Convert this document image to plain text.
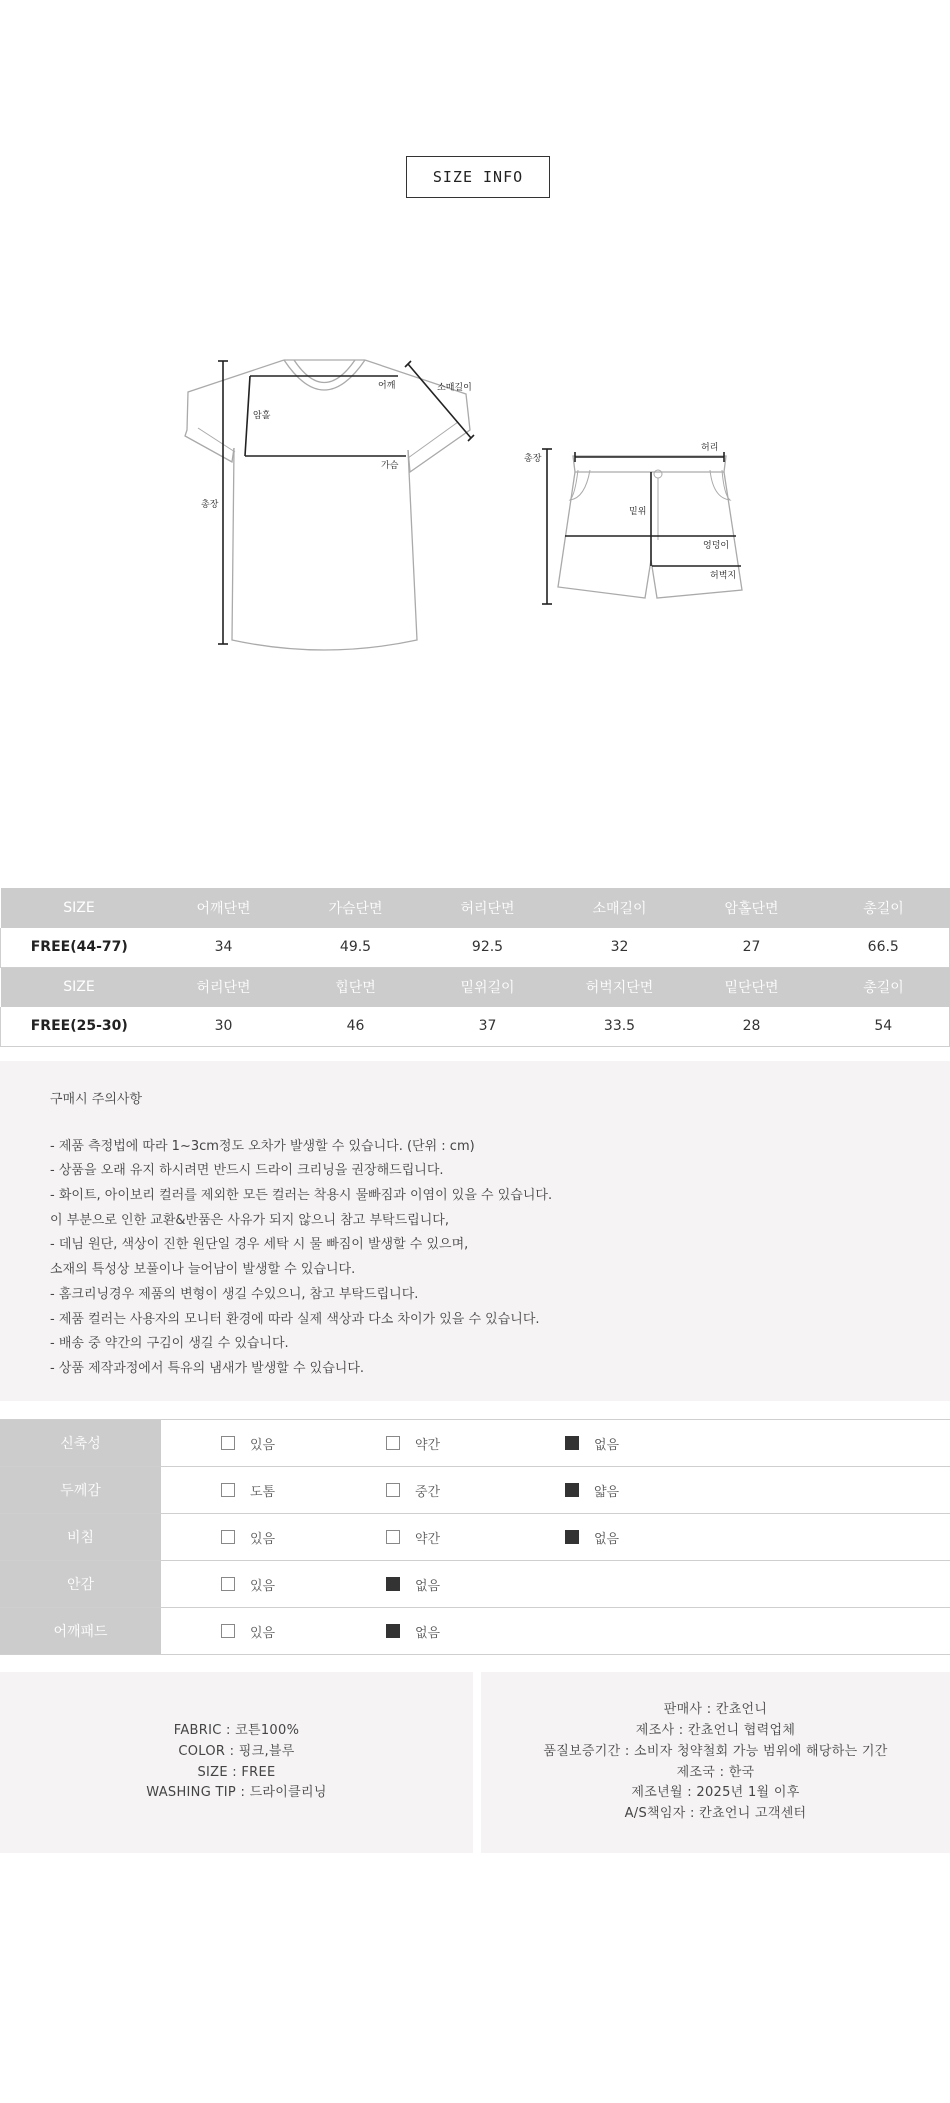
SIZE INFO
어깨	소매길이
암홀
가슴
총장
총장
허리
밑위
엉덩이
허벅지
SIZE	어깨단면	가슴단면	허리단면	소매길이	암홀단면	총길이
FREE(44-77)	34	49.5	92.5	32	27	66.5
SIZE	허리단면	힙단면	밑위길이	허벅지단면	밑단단면	총길이
FREE(25-30)	30	46	37	33.5	28	54
구매시 주의사항
- 제품 측정법에 따라 1~3cm정도 오차가 발생할 수 있습니다. (단위 : cm)
- 상품을 오래 유지 하시려면 반드시 드라이 크리닝을 권장해드립니다.
- 화이트, 아이보리 컬러를 제외한 모든 컬러는 착용시 물빠짐과 이염이 있을 수 있습니다.
이 부분으로 인한 교환&반품은 사유가 되지 않으니 참고 부탁드립니다,
- 데님 원단, 색상이 진한 원단일 경우 세탁 시 물 빠짐이 발생할 수 있으며,
소재의 특성상 보풀이나 늘어남이 발생할 수 있습니다.
- 홈크리닝경우 제품의 변형이 생길 수있으니, 참고 부탁드립니다.
- 제품 컬러는 사용자의 모니터 환경에 따라 실제 색상과 다소 차이가 있을 수 있습니다.
- 배송 중 약간의 구김이 생길 수 있습니다.
- 상품 제작과정에서 특유의 냄새가 발생할 수 있습니다.
신축성	있음	약간	없음
두께감	도톰	중간	얇음
비침	있음	약간	없음
안감	있음	없음
어깨패드	있음	없음
FABRIC : 코튼100%
COLOR : 핑크,블루
SIZE : FREE
WASHING TIP : 드라이클리닝
판매사 : 칸쵸언니
제조사 : 칸쵸언니 협력업체
품질보증기간 : 소비자 청약철회 가능 범위에 해당하는 기간
제조국 : 한국
제조년월 : 2025년 1월 이후
A/S책임자 : 칸쵸언니 고객센터
